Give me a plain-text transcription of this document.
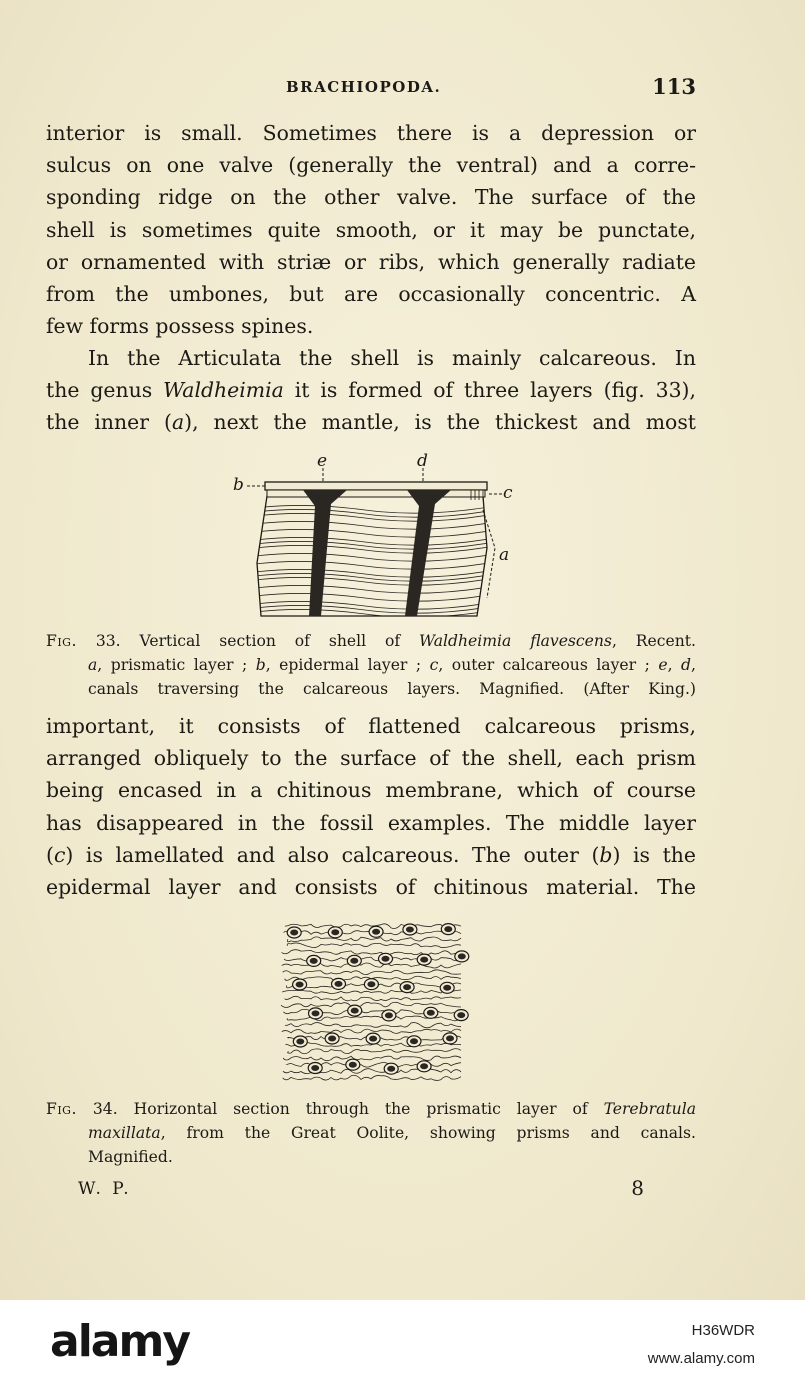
BRACHIOPODA.	113
interior is small. Sometimes there is a depression or
sulcus on one valve (generally the ventral) and a corre-
sponding ridge on the other valve. The surface of the
shell is sometimes quite smooth, or it may be punctate,
or ornamented with striæ or ribs, which generally radiate
from the umbones, but are occasionally concentric. A
few forms possess spines.
In the Articulata the shell is mainly calcareous. In
the genus Waldheimia it is formed of three layers (fig. 33),
the inner (a), next the mantle, is the thickest and most
b
e	d
c
a
Fig. 33. Vertical section of shell of Waldheimia flavescens, Recent.
a, prismatic layer ; b, epidermal layer ; c, outer calcareous layer ; e, d,
canals traversing the calcareous layers. Magnified. (After King.)
important, it consists of flattened calcareous prisms,
arranged obliquely to the surface of the shell, each prism
being encased in a chitinous membrane, which of course
has disappeared in the fossil examples. The middle layer
(c) is lamellated and also calcareous. The outer (b) is the
epidermal layer and consists of chitinous material. The
Fig. 34. Horizontal section through the prismatic layer of Terebratula
maxillata, from the Great Oolite, showing prisms and canals.
Magnified.
W. P.	8
alamy	H36WDR
www.alamy.com
